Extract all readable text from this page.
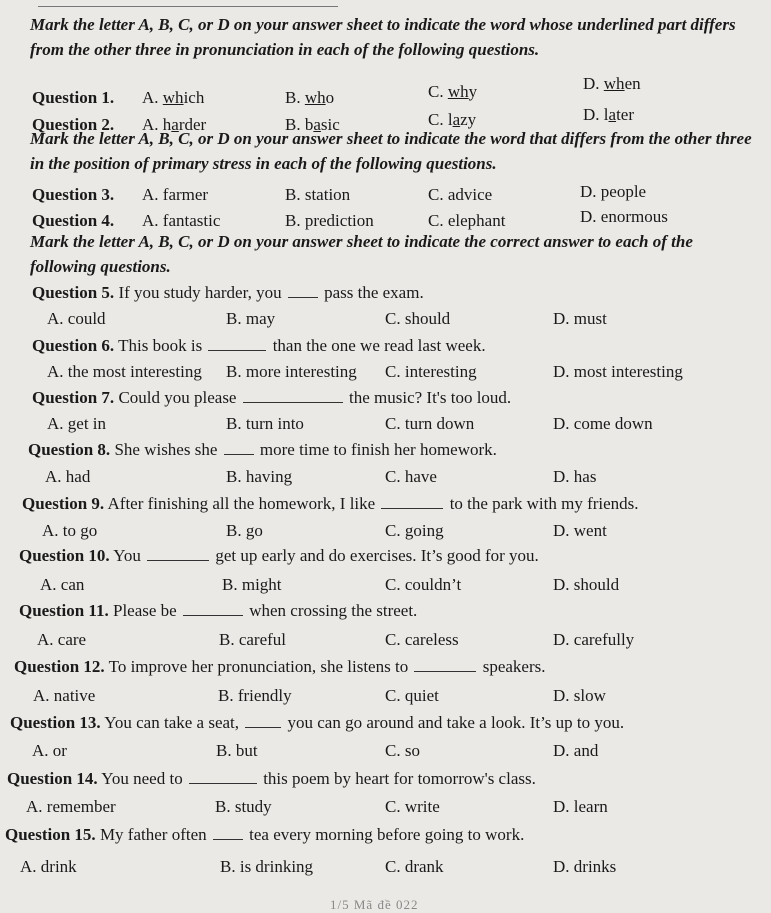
Mark the letter A, B, C, or D on your answer sheet to indicate the word whose underlined part differs from the other three in pronunciation in each of the following questions.
Question 1. A. which	B. who	C. why	D. when
Question 2. A. harder	B. basic	C. lazy	D. later
Mark the letter A, B, C, or D on your answer sheet to indicate the word that differs from the other three in the position of primary stress in each of the following questions.
Question 3. A. farmer	B. station	C. advice	D. people
Question 4. A. fantastic	B. prediction	C. elephant	D. enormous
Mark the letter A, B, C, or D on your answer sheet to indicate the correct answer to each of the following questions.
Question 5. If you study harder, you  pass the exam.
A. could	B. may	C. should	D. must
Question 6. This book is	than the one we read last week.
A. the most interesting B. more interesting C. interesting	D. most interesting
Question 7. Could you please	the music? It's too loud.
A. get in	B. turn into	C. turn down	D. come down
Question 8. She wishes she  more time to finish her homework.
A. had	B. having	C. have	D. has
Question 9. After finishing all the homework, I like	to the park with my friends.
A. to go	B. go	C. going	D. went
Question 10. You	get up early and do exercises. It’s good for you.
A. can	B. might	C. couldn’t	D. should
Question 11. Please be	when crossing the street.
A. care	B. careful	C. careless	D. carefully
Question 12. To improve her pronunciation, she listens to	speakers.
A. native	B. friendly	C. quiet	D. slow
Question 13. You can take a seat,  you can go around and take a look. It’s up to you.
A. or	B. but	C. so	D. and
Question 14. You need to	this poem by heart for tomorrow's class.
A. remember	B. study	C. write	D. learn
Question 15. My father often  tea every morning before going to work.
A. drink	B. is drinking	C. drank	D. drinks
1/5 Mã đề 022
